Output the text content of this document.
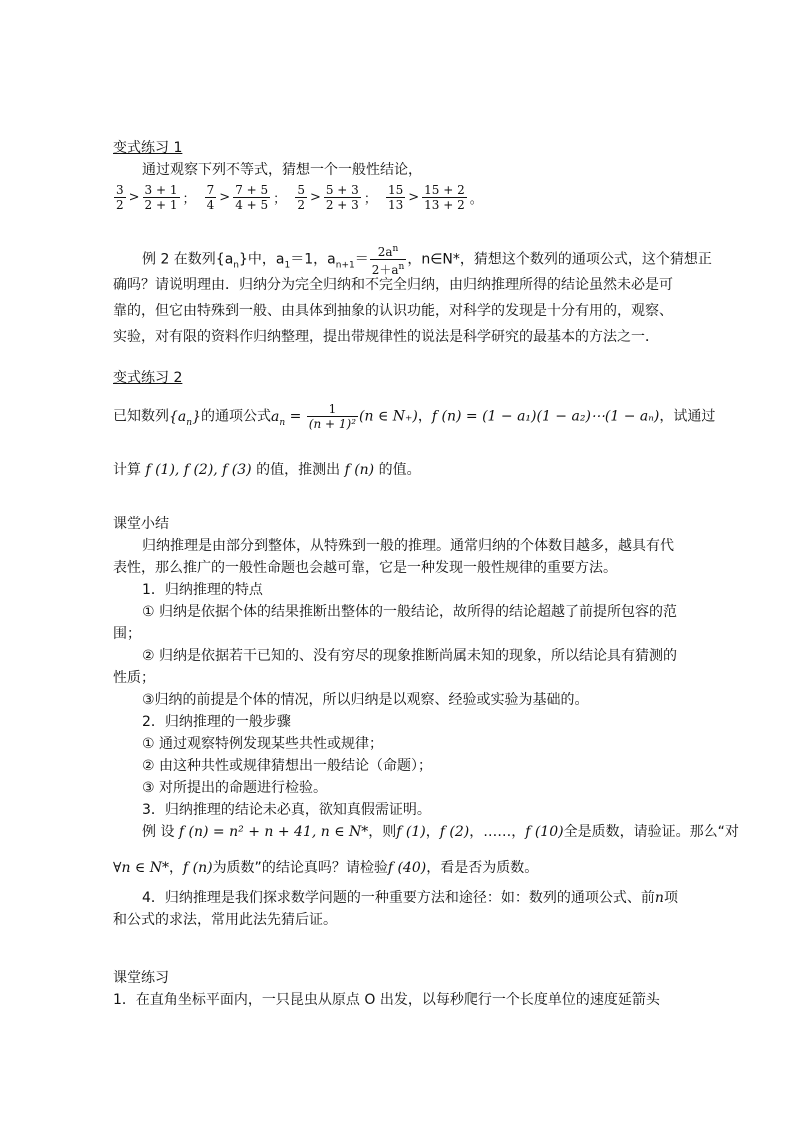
变式练习 1
通过观察下列不等式，猜想一个一般性结论，
$\frac{3}{2} > \frac{3 + 1}{2 + 1}$ ； $\frac{7}{4} > \frac{7 + 5}{4 + 5}$ ； $\frac{5}{2} > \frac{5 + 3}{2 + 3}$ ； $\frac{15}{13} > \frac{15 + 2}{13 + 2}$ 。
例 2 在数列$\{a_n\}$中，$a_1=1$，$a_{n+1}= \frac{2a^n}{2+a^n}$ ，n∈N*，猜想这个数列的通项公式，这个猜想正
确吗？请说明理由．归纳分为完全归纳和不完全归纳，由归纳推理所得的结论虽然未必是可
靠的，但它由特殊到一般、由具体到抽象的认识功能，对科学的发现是十分有用的，观察、
实验，对有限的资料作归纳整理，提出带规律性的说法是科学研究的最基本的方法之一．
变式练习 2
已知数列$\{a_n\}$的通项公式$a_n = \frac{1}{\text{(n + 1)²}} (n$ ∈ N₊)，f (n) = (1 − a₁)(1 − a₂)⋯(1 − aₙ)，试通过
计算 f (1), f (2), f (3) 的值，推测出 f (n) 的值。
课堂小结
归纳推理是由部分到整体，从特殊到一般的推理。通常归纳的个体数目越多，越具有代
表性，那么推广的一般性命题也会越可靠，它是一种发现一般性规律的重要方法。
1．归纳推理的特点
① 归纳是依据个体的结果推断出整体的一般结论，故所得的结论超越了前提所包容的范
围；
② 归纳是依据若干已知的、没有穷尽的现象推断尚属未知的现象，所以结论具有猜测的
性质；
③归纳的前提是个体的情况，所以归纳是以观察、经验或实验为基础的。
2．归纳推理的一般步骤
① 通过观察特例发现某些共性或规律；
② 由这种共性或规律猜想出一般结论（命题）；
③ 对所提出的命题进行检验。
3．归纳推理的结论未必真，欲知真假需证明。
例 设 f (n) = n² + n + 41, n ∈ N*，则f (1)，f (2)，……，f (10)全是质数，请验证。那么“对
∀n ∈ N*，f (n)为质数”的结论真吗？请检验f (40)，看是否为质数。
4．归纳推理是我们探求数学问题的一种重要方法和途径：如：数列的通项公式、前n项
和公式的求法，常用此法先猜后证。
课堂练习
1．在直角坐标平面内，一只昆虫从原点 O 出发，以每秒爬行一个长度单位的速度延箭头
